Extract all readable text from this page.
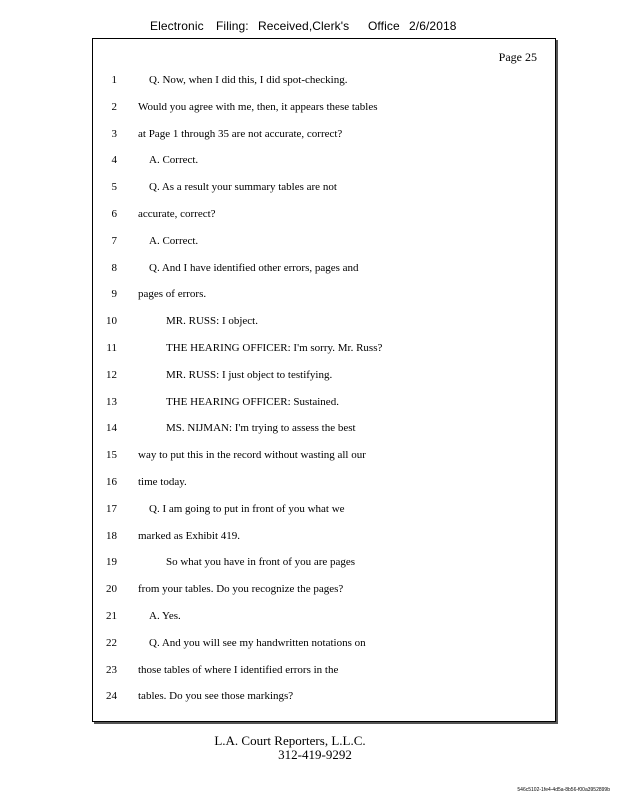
Electronic Filing: Received,Clerk's Office 2/6/2018
Page 25
1	Q. Now, when I did this, I did spot-checking.
2 Would you agree with me, then, it appears these tables
3 at Page 1 through 35 are not accurate, correct?
4	A. Correct.
5	Q. As a result your summary tables are not
6 accurate, correct?
7	A. Correct.
8	Q. And I have identified other errors, pages and
9 pages of errors.
10	MR. RUSS: I object.
11	THE HEARING OFFICER: I'm sorry. Mr. Russ?
12	MR. RUSS: I just object to testifying.
13	THE HEARING OFFICER: Sustained.
14	MS. NIJMAN: I'm trying to assess the best
15 way to put this in the record without wasting all our
16 time today.
17	Q. I am going to put in front of you what we
18 marked as Exhibit 419.
19	So what you have in front of you are pages
20 from your tables. Do you recognize the pages?
21	A. Yes.
22	Q. And you will see my handwritten notations on
23 those tables of where I identified errors in the
24 tables. Do you see those markings?
L.A. Court Reporters, L.L.C.
312-419-9292
546c5102-1fe4-4d5a-8b56-f00a3952899b
